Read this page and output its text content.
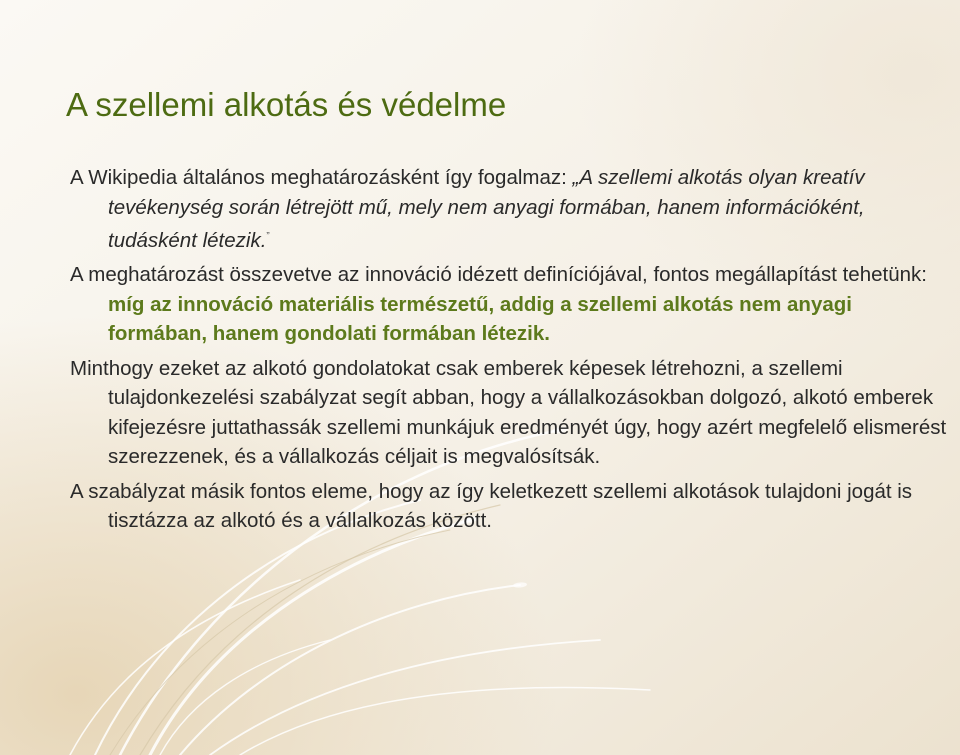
A szellemi alkotás és védelme

A Wikipedia általános meghatározásként így fogalmaz: „A szellemi alkotás olyan kreatív tevékenység során létrejött mű, mely nem anyagi formában, hanem információként, tudásként létezik.”

A meghatározást összevetve az innováció idézett definíciójával, fontos megállapítást tehetünk: míg az innováció materiális természetű, addig a szellemi alkotás nem anyagi formában, hanem gondolati formában létezik.

Minthogy ezeket az alkotó gondolatokat csak emberek képesek létrehozni, a szellemi tulajdonkezelési szabályzat segít abban, hogy a vállalkozásokban dolgozó, alkotó emberek kifejezésre juttathassák szellemi munkájuk eredményét úgy, hogy azért megfelelő elismerést szerezzenek, és a vállalkozás céljait is megvalósítsák.

A szabályzat másik fontos eleme, hogy az így keletkezett szellemi alkotások tulajdoni jogát is tisztázza az alkotó és a vállalkozás között.
